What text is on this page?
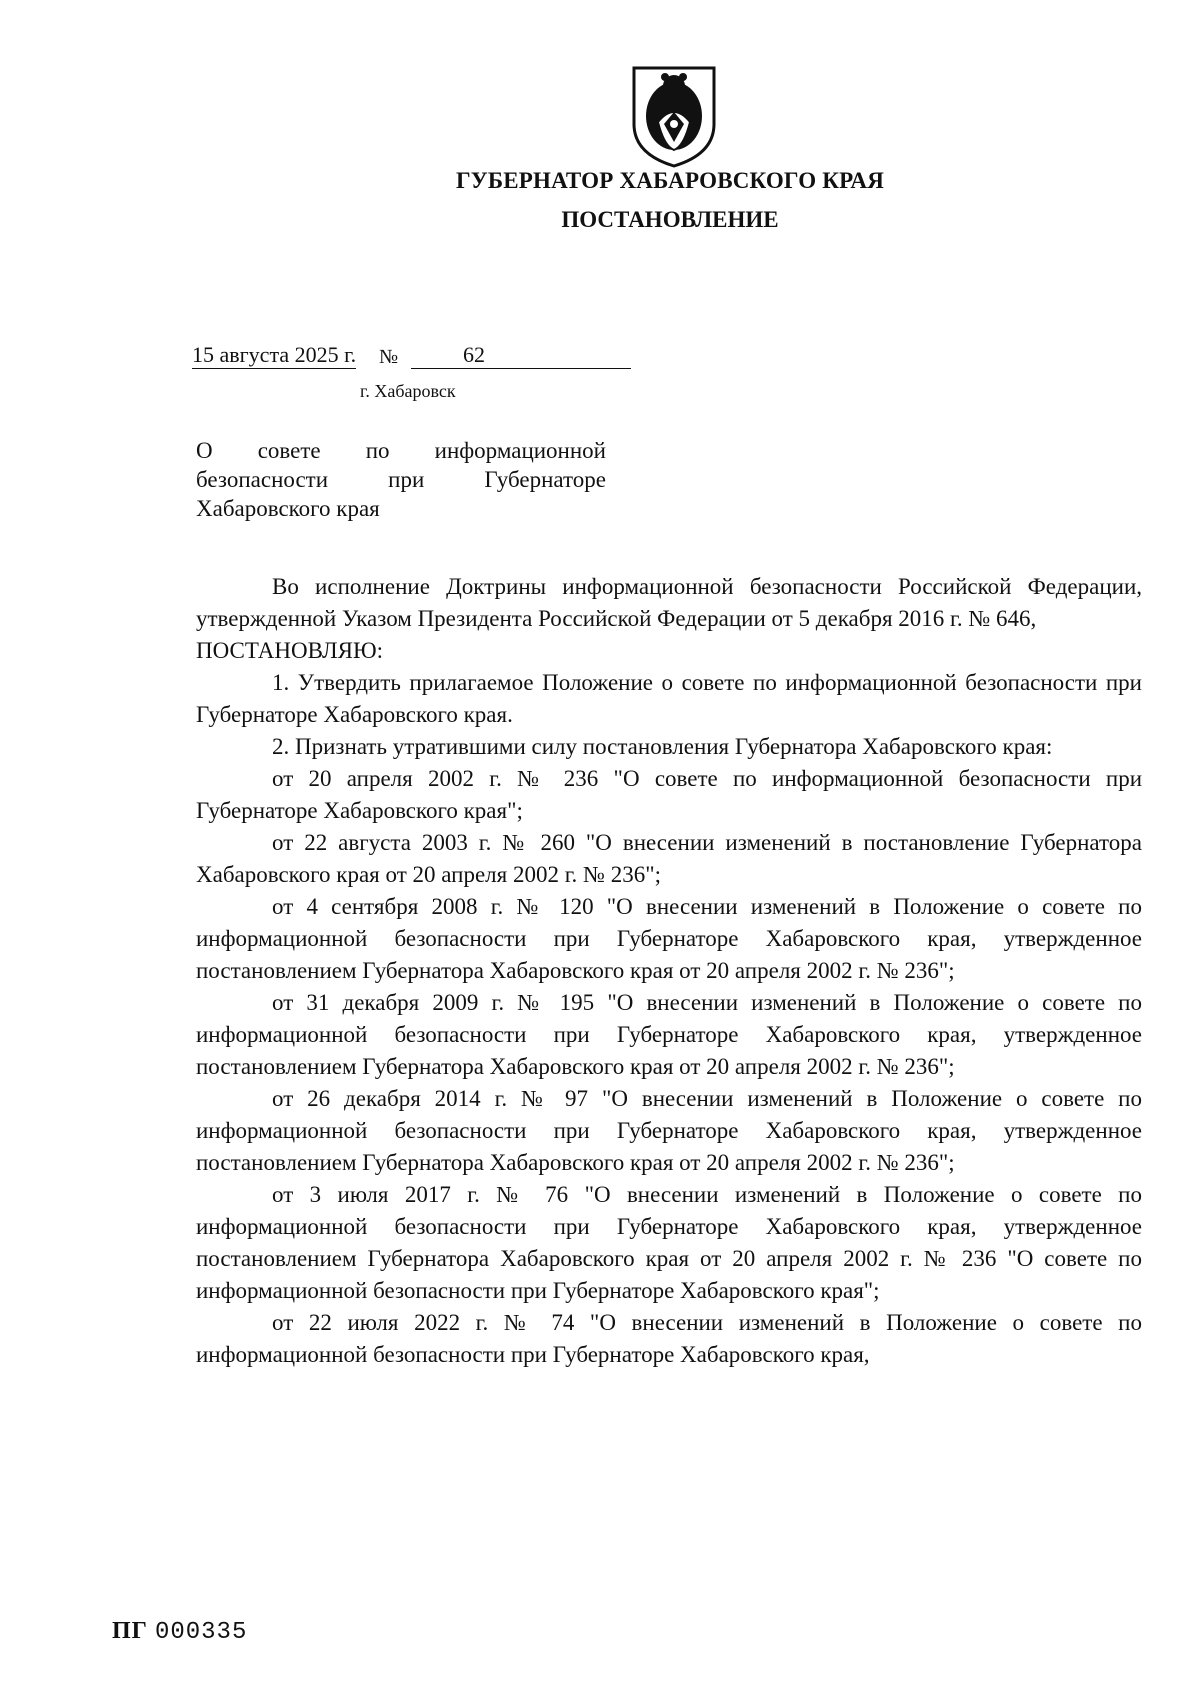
ГУБЕРНАТОР ХАБАРОВСКОГО КРАЯ
ПОСТАНОВЛЕНИЕ
15 августа 2025 г. №	62
г. Хабаровск
О совете по информационной безопасности при Губернаторе Хабаровского края

Во исполнение Доктрины информационной безопасности Российской Федерации, утвержденной Указом Президента Российской Федерации от 5 декабря 2016 г. № 646,

ПОСТАНОВЛЯЮ:

1. Утвердить прилагаемое Положение о совете по информационной безопасности при Губернаторе Хабаровского края.

2. Признать утратившими силу постановления Губернатора Хабаровского края:

от 20 апреля 2002 г. № 236 "О совете по информационной безопасности при Губернаторе Хабаровского края";

от 22 августа 2003 г. № 260 "О внесении изменений в постановление Губернатора Хабаровского края от 20 апреля 2002 г. № 236";

от 4 сентября 2008 г. № 120 "О внесении изменений в Положение о совете по информационной безопасности при Губернаторе Хабаровского края, утвержденное постановлением Губернатора Хабаровского края от 20 апреля 2002 г. № 236";

от 31 декабря 2009 г. № 195 "О внесении изменений в Положение о совете по информационной безопасности при Губернаторе Хабаровского края, утвержденное постановлением Губернатора Хабаровского края от 20 апреля 2002 г. № 236";

от 26 декабря 2014 г. № 97 "О внесении изменений в Положение о совете по информационной безопасности при Губернаторе Хабаровского края, утвержденное постановлением Губернатора Хабаровского края от 20 апреля 2002 г. № 236";

от 3 июля 2017 г. № 76 "О внесении изменений в Положение о совете по информационной безопасности при Губернаторе Хабаровского края, утвержденное постановлением Губернатора Хабаровского края от 20 апреля 2002 г. № 236 "О совете по информационной безопасности при Губернаторе Хабаровского края";

от 22 июля 2022 г. № 74 "О внесении изменений в Положение о совете по информационной безопасности при Губернаторе Хабаровского края,

ПГ 000335
